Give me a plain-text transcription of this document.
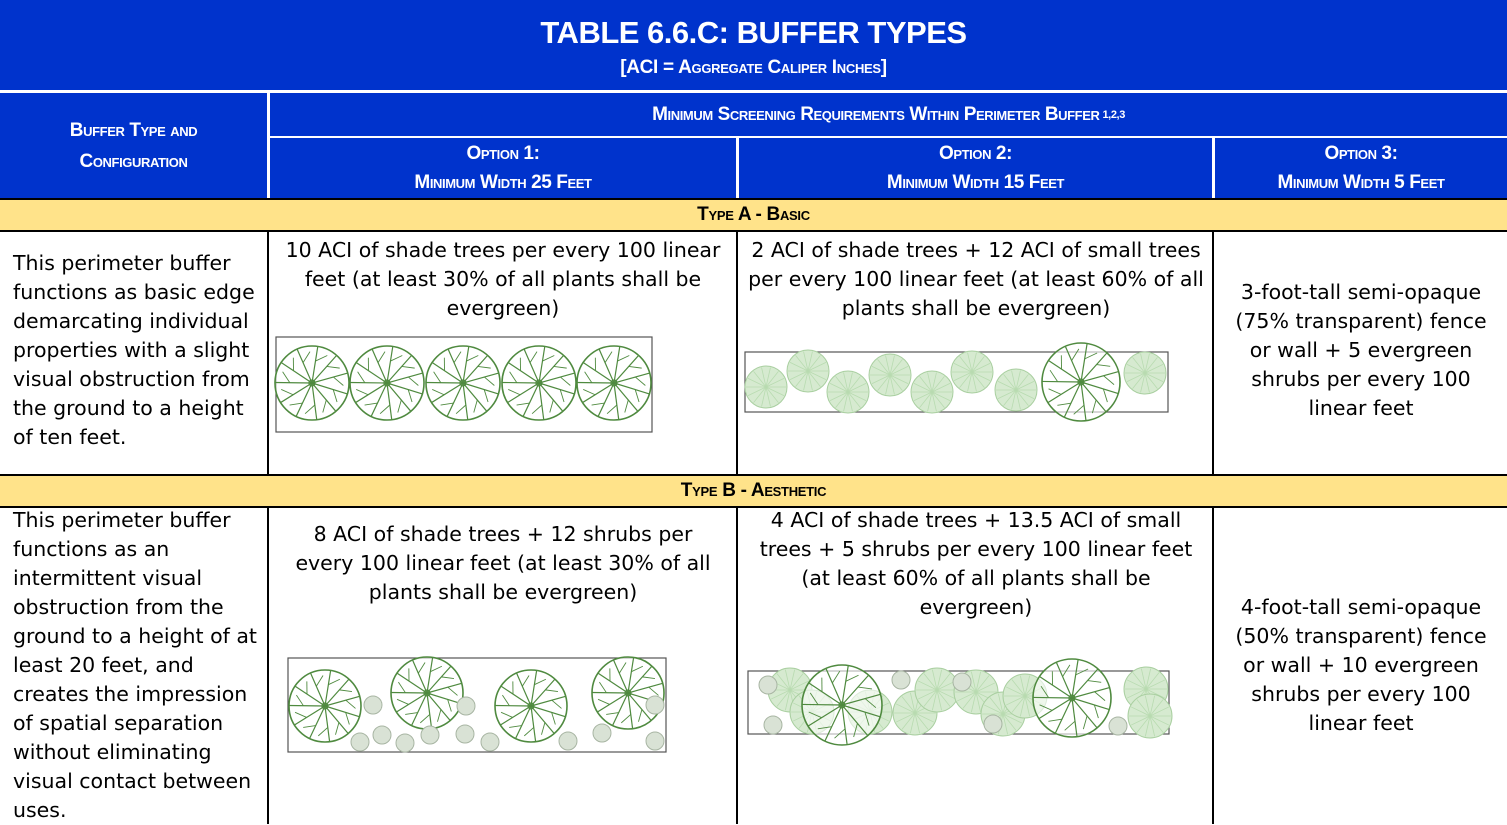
TABLE 6.6.C: BUFFER TYPES
[ACI = Aggregate Caliper Inches]
Buffer Type and
Configuration
Minimum Screening Requirements Within Perimeter Buffer 1,2,3
Option 1:
Minimum Width 25 Feet
Option 2:
Minimum Width 15 Feet
Option 3:
Minimum Width 5 Feet
Type A - Basic
This perimeter buffer functions as basic edge demarcating individual properties with a slight visual obstruction from the ground to a height of ten feet.
10 ACI of shade trees per every 100 linear feet (at least 30% of all plants shall be evergreen)
2 ACI of shade trees + 12 ACI of small trees per every 100 linear feet (at least 60% of all plants shall be evergreen)
3-foot-tall semi-opaque (75% transparent) fence or wall + 5 evergreen shrubs per every 100 linear feet
Type B - Aesthetic
This perimeter buffer functions as an intermittent visual obstruction from the ground to a height of at least 20 feet, and creates the impression of spatial separation without eliminating visual contact between uses.
8 ACI of shade trees + 12 shrubs per every 100 linear feet (at least 30% of all plants shall be evergreen)
4 ACI of shade trees + 13.5 ACI of small trees + 5 shrubs per every 100 linear feet (at least 60% of all plants shall be evergreen)	4-foot-tall semi-opaque (50% transparent) fence or wall + 10 evergreen shrubs per every 100 linear feet
